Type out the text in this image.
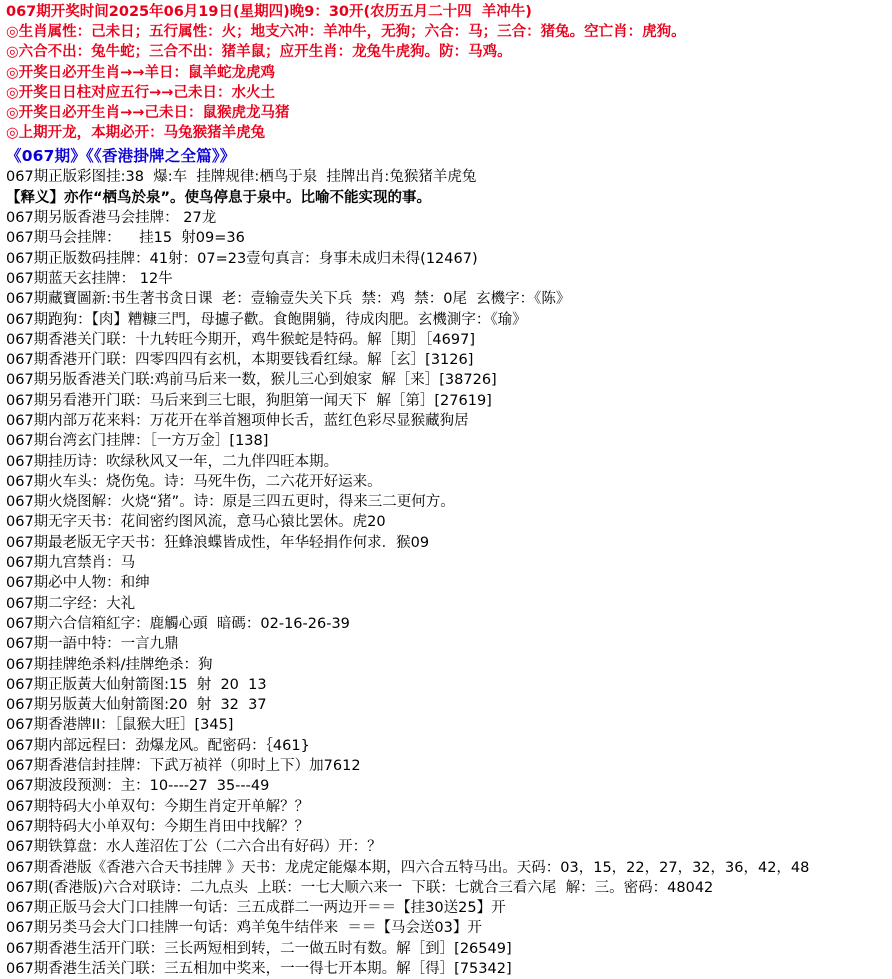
067期开奖时间2025年06月19日(星期四)晚9：30开(农历五月二十四  羊冲牛)
◎生肖属性：己未日；五行属性：火；地支六冲：羊冲牛，无狗；六合：马；三合：猪兔。空亡肖：虎狗。
◎六合不出：兔牛蛇；三合不出：猪羊鼠；应开生肖：龙兔牛虎狗。防：马鸡。
◎开奖日必开生肖→→羊日：鼠羊蛇龙虎鸡
◎开奖日日柱对应五行→→己未日：水火土
◎开奖日必开生肖→→己未日：鼠猴虎龙马猪
◎上期开龙，本期必开：马兔猴猪羊虎兔
《067期》《《香港掛牌之全篇》》
067期正版彩图挂:38  爆:车  挂牌规律:栖鸟于泉  挂牌出肖:兔猴猪羊虎兔
【释义】亦作“栖鸟於泉”。使鸟停息于泉中。比喻不能实现的事。
067期另版香港马会挂牌： 27龙
067期马会挂牌：    挂15  射09=36
067期正版数码挂牌：41射：07=23壹句真言：身事未成归未得(12467)
067期蓝天玄挂牌： 12牛
067期藏寶圖新:书生著书贪日课  老：壹输壹失关下兵  禁：鸡  禁：0尾  玄機字：《陈》
067期跑狗：【肉】糟糠三門，母攄子歡。食飽開躺，待成肉肥。玄機測字：《瑜》
067期香港关门联：十九转旺今期开，鸡牛猴蛇是特码。解［期］［4697]
067期香港开门联：四零四四有玄机，本期要钱看红绿。解［玄］[3126]
067期另版香港关门联:鸡前马后来一数，猴儿三心到娘家  解［来］[38726]
067期另看港开门联：马后来到三七眼，狗胆第一闻天下  解［第］[27619]
067期内部万花来料：万花开在举首翘项伸长舌，蓝红色彩尽显猴藏狗居
067期台湾玄门挂牌：［一方万金］[138]
067期挂历诗：吹绿秋风又一年，二九伴四旺本期。
067期火车头：烧伤兔。诗：马死牛伤，二六花开好运来。
067期火烧图解：火烧“猪”。诗：原是三四五更时，得来三二更何方。
067期无字天书：花间密约图风流，意马心猿比罢休。虎20
067期最老版无字天书：狂蜂浪蝶皆成性，年华轻捐作何求．猴09
067期九宫禁肖：马
067期必中人物：和绅
067期二字经：大礼
067期六合信箱紅字：鹿觸心頭  暗碼：02-16-26-39
067期一語中特：一言九鼎
067期挂牌绝杀料/挂牌绝杀：狗
067期正版黃大仙射箭图:15  射  20  13
067期另版黃大仙射箭图:20  射  32  37
067期香港牌II：［鼠猴大旺］[345]
067期内部远程曰：劲爆龙风。配密码：｛461}
067期香港信封挂牌：下武万祯祥（卯时上下）加7612
067期波段预测：主：10----27  35---49
067期特码大小单双句：今期生肖定开单解？？
067期特码大小单双句：今期生肖田中找解？？
067期铁算盘：水人莲沼佐丁公（二六合出有好码）开：？
067期香港版《香港六合天书挂牌 》天书：龙虎定能爆本期，四六合五特马出。天码：03，15，22，27，32，36，42，48
067期(香港版)六合对联诗：二九点头  上联：一七大顺六来一  下联：七就合三看六尾  解：三。密码：48042
067期正版马会大门口挂牌一句话：三五成群二一两边开＝＝【挂30送25】开
067期另类马会大门口挂牌一句话：鸡羊兔牛结伴来  ＝＝【马会送03】开
067期香港生活开门联：三长两短相到转，二一做五时有数。解［到］[26549]
067期香港生活关门联：三五相加中奖来，一一得七开本期。解［得］[75342]
